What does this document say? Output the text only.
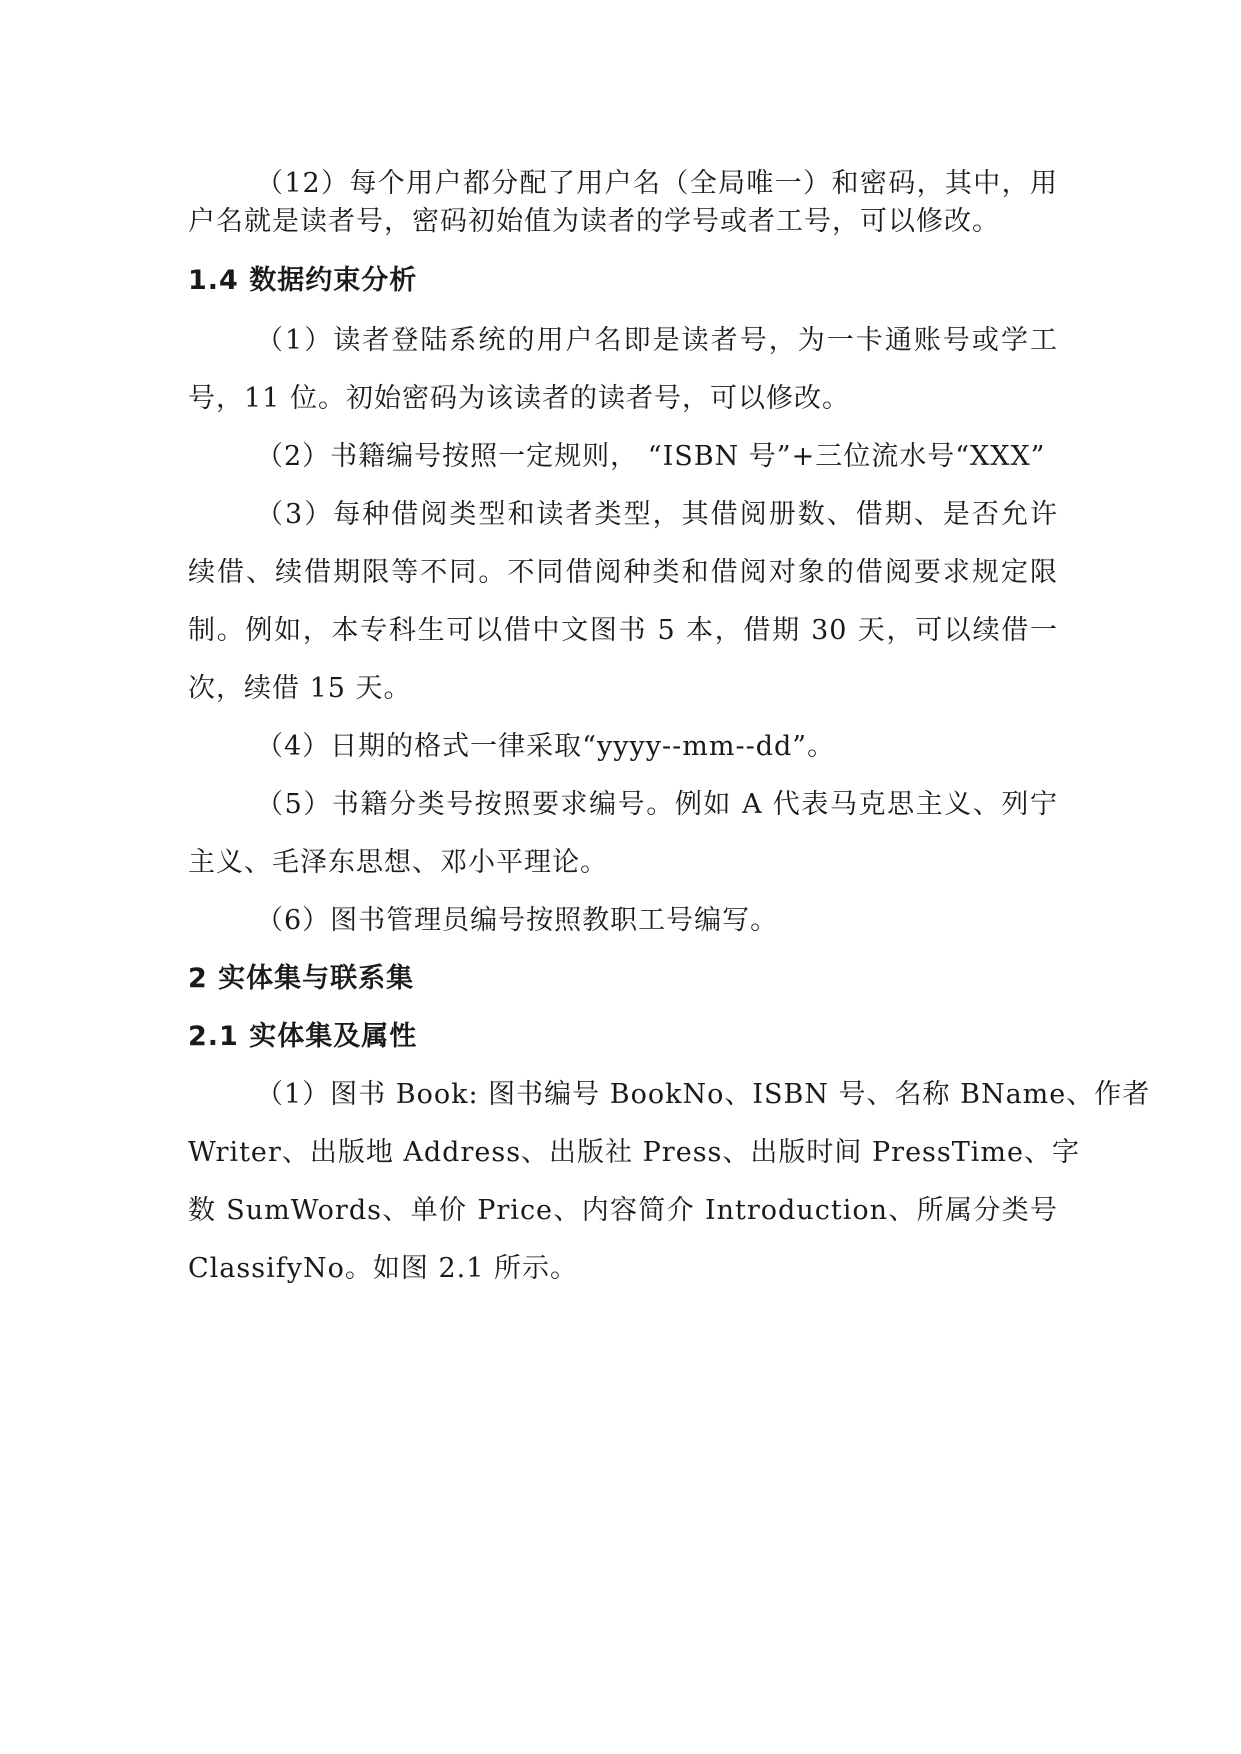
（12）每个用户都分配了用户名（全局唯一）和密码，其中，用
户名就是读者号，密码初始值为读者的学号或者工号，可以修改。
1.4 数据约束分析
（1）读者登陆系统的用户名即是读者号，为一卡通账号或学工
号，11 位。初始密码为该读者的读者号，可以修改。
（2）书籍编号按照一定规则， “ISBN 号”+三位流水号“XXX”
（3）每种借阅类型和读者类型，其借阅册数、借期、是否允许
续借、续借期限等不同。不同借阅种类和借阅对象的借阅要求规定限
制。例如，本专科生可以借中文图书 5 本，借期 30 天，可以续借一
次，续借 15 天。
（4）日期的格式一律采取“yyyy--mm--dd”。
（5）书籍分类号按照要求编号。例如 A 代表马克思主义、列宁
主义、毛泽东思想、邓小平理论。
（6）图书管理员编号按照教职工号编写。
2 实体集与联系集
2.1 实体集及属性
（1）图书 Book: 图书编号 BookNo、ISBN 号、名称 BName、作者
Writer、出版地 Address、出版社 Press、出版时间 PressTime、字
数 SumWords、单价 Price、内容简介 Introduction、所属分类号
ClassifyNo。如图 2.1 所示。
